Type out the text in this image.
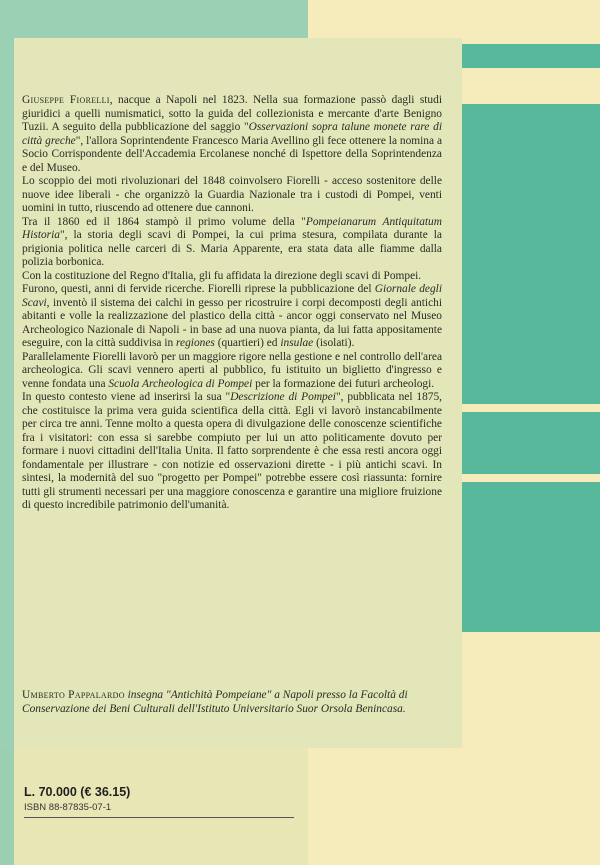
Giuseppe Fiorelli, nacque a Napoli nel 1823. Nella sua formazione passò dagli studi giuridici a quelli numismatici, sotto la guida del collezionista e mercante d'arte Benigno Tuzii. A seguito della pubblicazione del saggio "Osservazioni sopra talune monete rare di città greche", l'allora Soprintendente Francesco Maria Avellino gli fece ottenere la nomina a Socio Corrispondente dell'Accademia Ercolanese nonché di Ispettore della Soprintendenza e del Museo.

Lo scoppio dei moti rivoluzionari del 1848 coinvolsero Fiorelli - acceso sostenitore delle nuove idee liberali - che organizzò la Guardia Nazionale tra i custodi di Pompei, venti uomini in tutto, riuscendo ad ottenere due cannoni.

Tra il 1860 ed il 1864 stampò il primo volume della "Pompeianarum Antiquitatum Historia", la storia degli scavi di Pompei, la cui prima stesura, compilata durante la prigionia politica nelle carceri di S. Maria Apparente, era stata data alle fiamme dalla polizia borbonica.

Con la costituzione del Regno d'Italia, gli fu affidata la direzione degli scavi di Pompei.

Furono, questi, anni di fervide ricerche. Fiorelli riprese la pubblicazione del Giornale degli Scavi, inventò il sistema dei calchi in gesso per ricostruire i corpi decomposti degli antichi abitanti e volle la realizzazione del plastico della città - ancor oggi conservato nel Museo Archeologico Nazionale di Napoli - in base ad una nuova pianta, da lui fatta appositamente eseguire, con la città suddivisa in regiones (quartieri) ed insulae (isolati).

Parallelamente Fiorelli lavorò per un maggiore rigore nella gestione e nel controllo dell'area archeologica. Gli scavi vennero aperti al pubblico, fu istituito un biglietto d'ingresso e venne fondata una Scuola Archeologica di Pompei per la formazione dei futuri archeologi.

In questo contesto viene ad inserirsi la sua "Descrizione di Pompei", pubblicata nel 1875, che costituisce la prima vera guida scientifica della città. Egli vi lavorò instancabilmente per circa tre anni. Tenne molto a questa opera di divulgazione delle conoscenze scientifiche fra i visitatori: con essa si sarebbe compiuto per lui un atto politicamente dovuto per formare i nuovi cittadini dell'Italia Unita. Il fatto sorprendente è che essa resti ancora oggi fondamentale per illustrare - con notizie ed osservazioni dirette - i più antichi scavi. In sintesi, la modernità del suo "progetto per Pompei" potrebbe essere così riassunta: fornire tutti gli strumenti necessari per una maggiore conoscenza e garantire una migliore fruizione di questo incredibile patrimonio dell'umanità.

Umberto Pappalardo insegna "Antichità Pompeiane" a Napoli presso la Facoltà di Conservazione dei Beni Culturali dell'Istituto Universitario Suor Orsola Benincasa.
L. 70.000 (€ 36.15)
ISBN 88-87835-07-1
